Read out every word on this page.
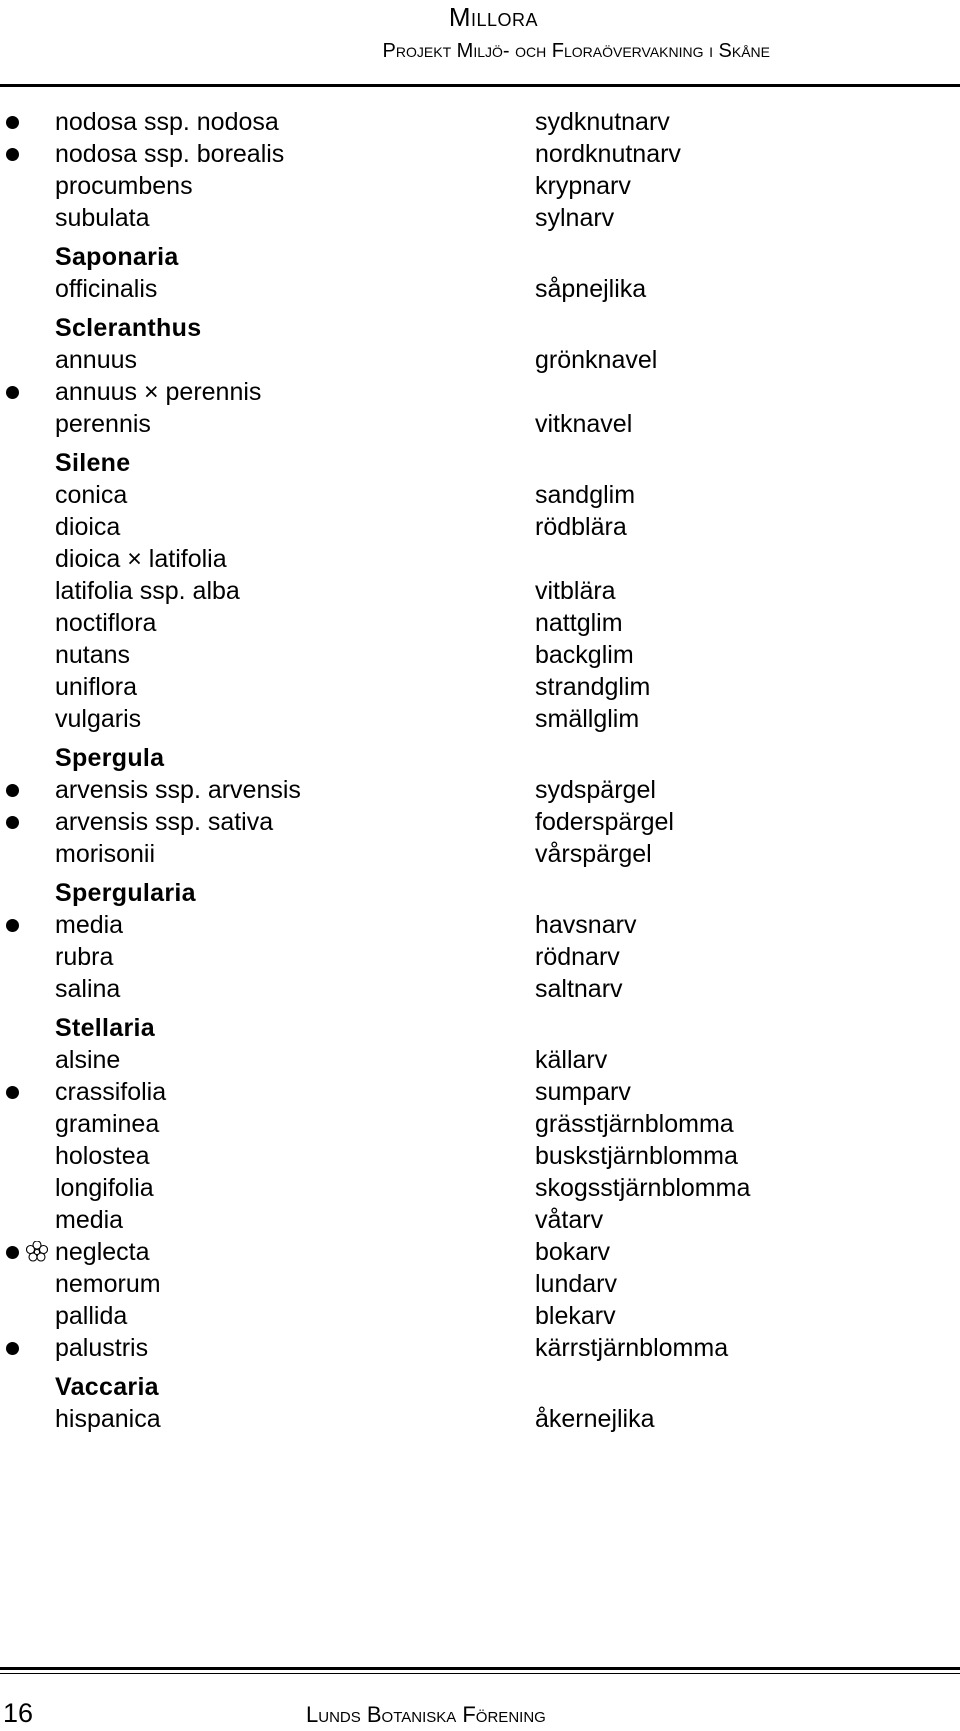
Millora
Projekt Miljö- och Floraövervakning i Skåne
nodosa ssp. nodosa	sydknutnarv
nodosa ssp. borealis	nordknutnarv
procumbens	krypnarv
subulata	sylnarv
Saponaria
officinalis	såpnejlika
Scleranthus
annuus	grönknavel
annuus × perennis
perennis	vitknavel
Silene
conica	sandglim
dioica	rödblära
dioica × latifolia
latifolia ssp. alba	vitblära
noctiflora	nattglim
nutans	backglim
uniflora	strandglim
vulgaris	smällglim
Spergula
arvensis ssp. arvensis	sydspärgel
arvensis ssp. sativa	foderspärgel
morisonii	vårspärgel
Spergularia
media	havsnarv
rubra	rödnarv
salina	saltnarv
Stellaria
alsine	källarv
crassifolia	sumparv
graminea	grässtjärnblomma
holostea	buskstjärnblomma
longifolia	skogsstjärnblomma
media	våtarv
neglecta	bokarv
nemorum	lundarv
pallida	blekarv
palustris	kärrstjärnblomma
Vaccaria
hispanica	åkernejlika
16	Lunds Botaniska Förening
